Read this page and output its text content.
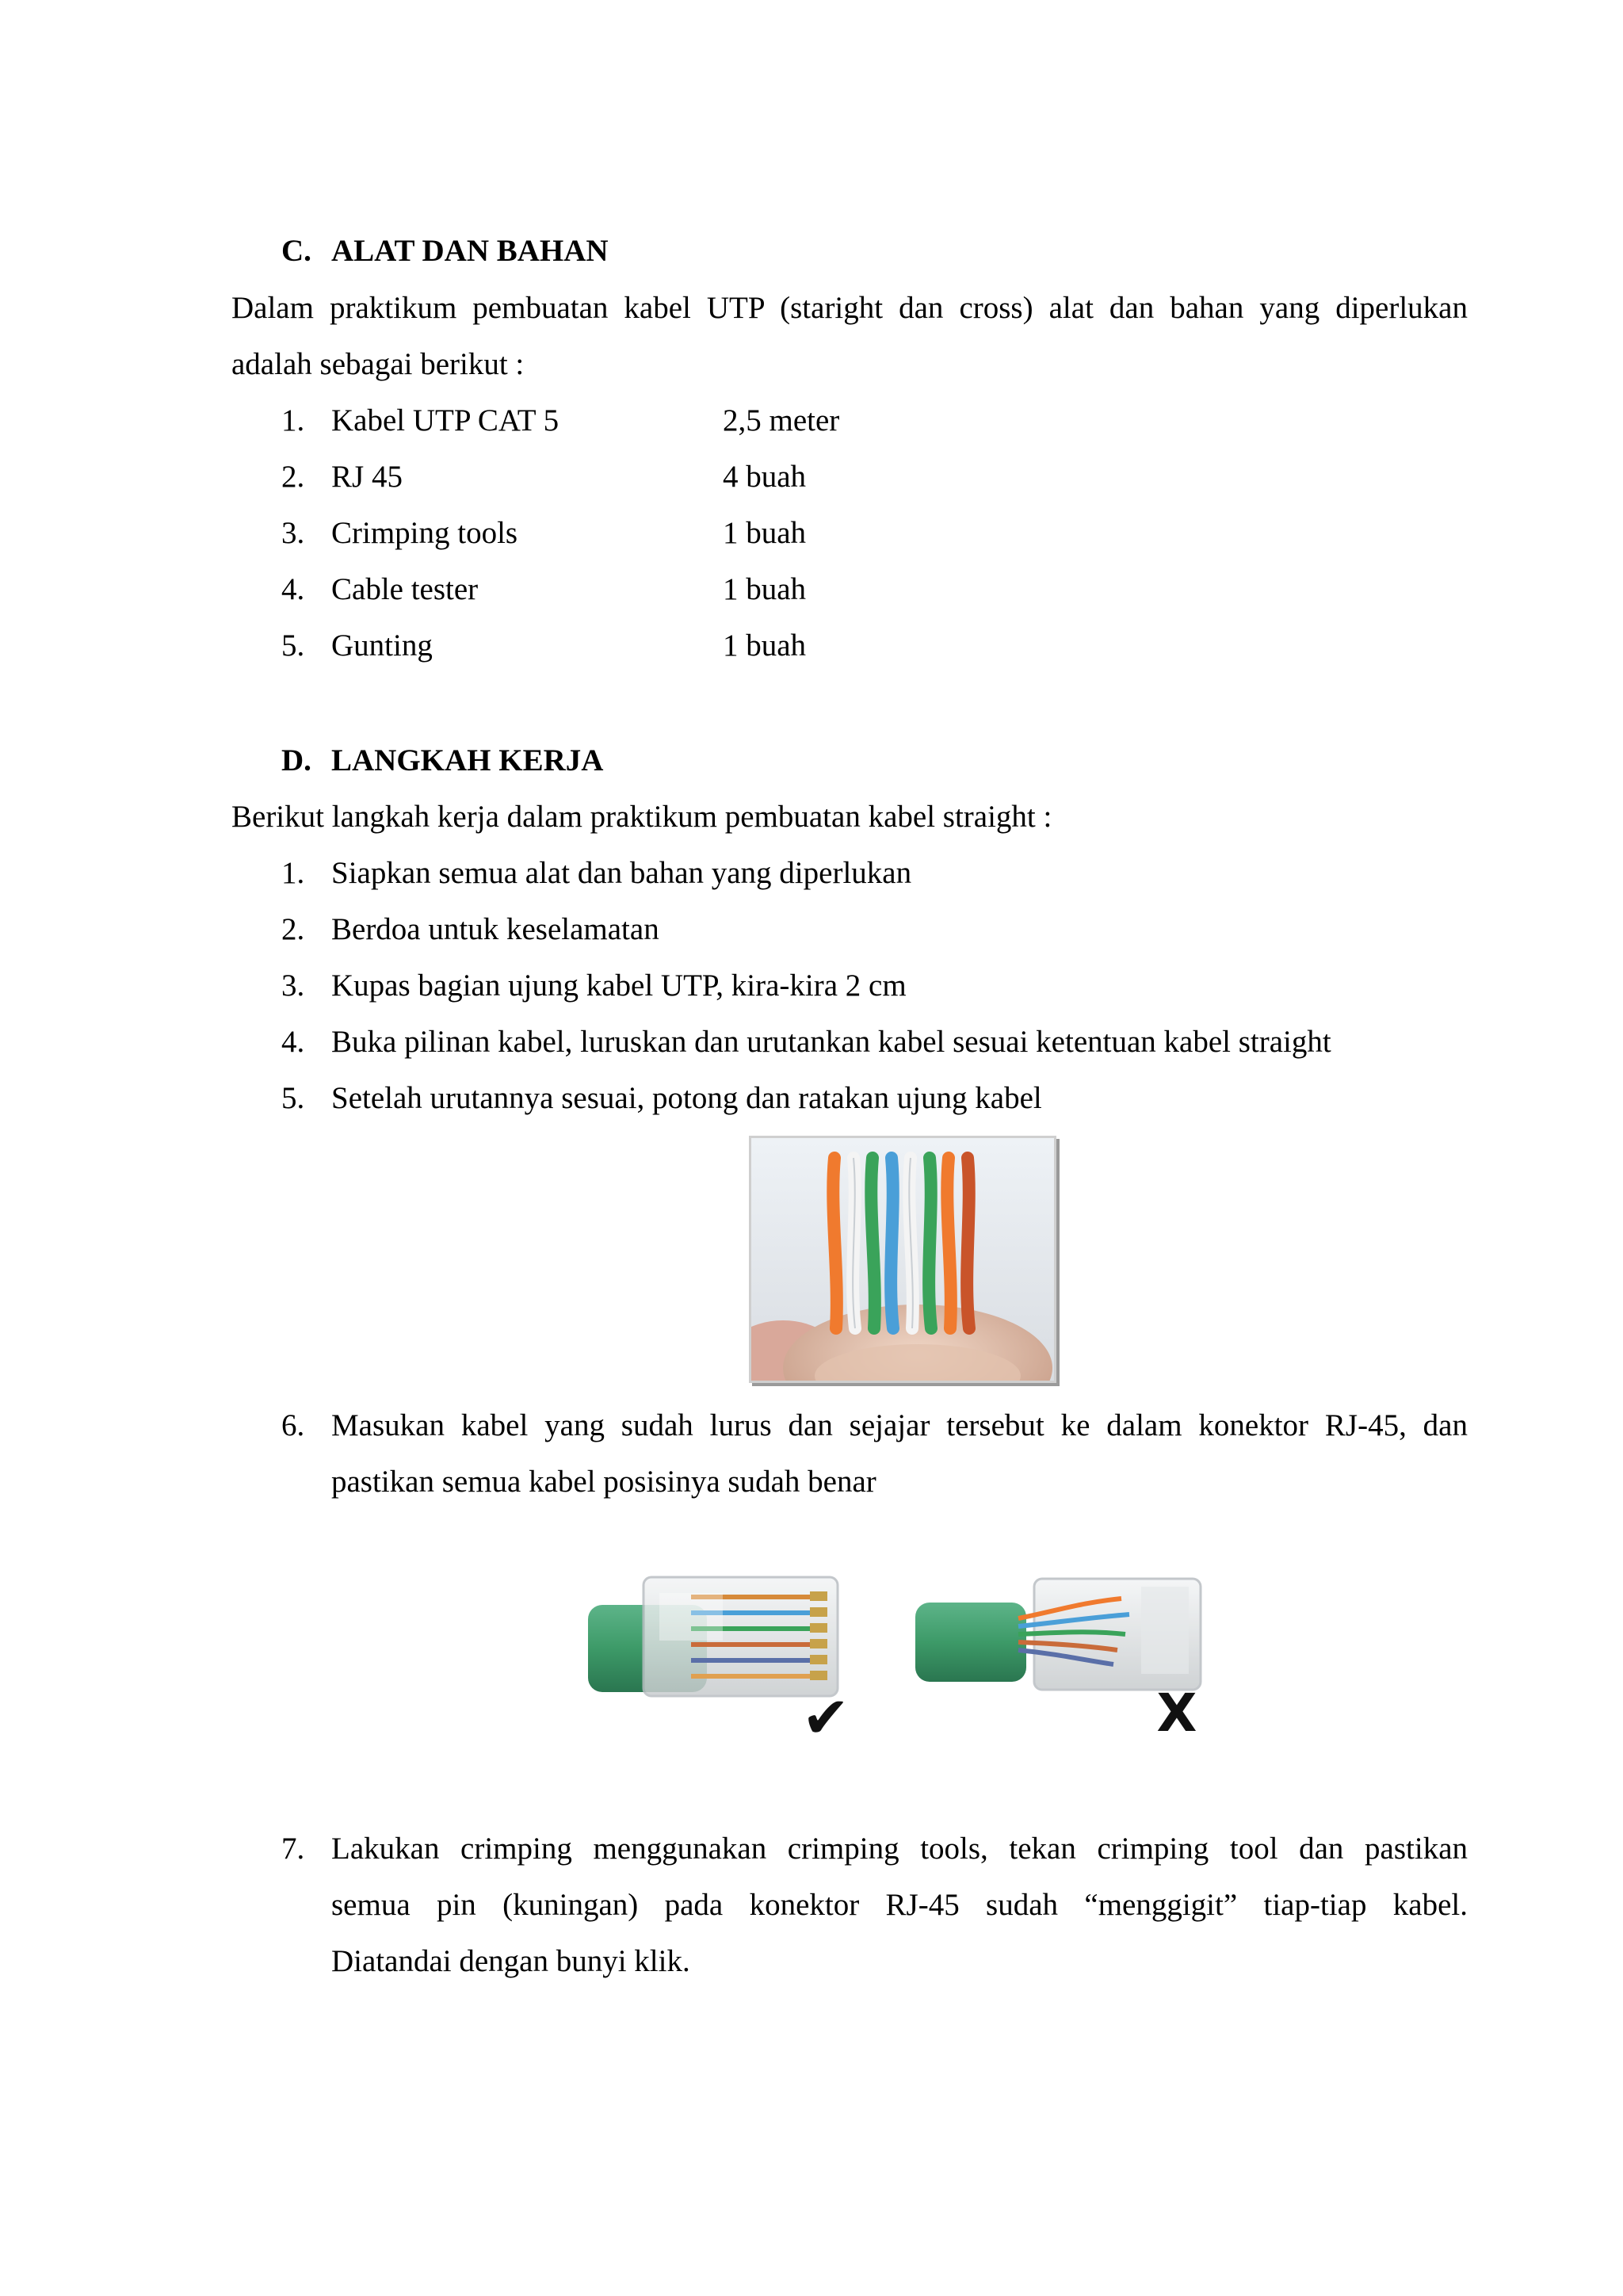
C. ALAT DAN BAHAN
Dalam praktikum pembuatan kabel UTP (staright dan cross) alat dan bahan yang diperlukan
adalah sebagai berikut :
1. Kabel UTP CAT 5	2,5 meter
2. RJ 45	4 buah
3. Crimping tools	1 buah
4. Cable tester	1 buah
5. Gunting	1 buah
D. LANGKAH KERJA
Berikut langkah kerja dalam praktikum pembuatan kabel straight :
1. Siapkan semua alat dan bahan yang diperlukan
2. Berdoa untuk keselamatan
3. Kupas bagian ujung kabel UTP, kira-kira 2 cm
4. Buka pilinan kabel, luruskan dan urutankan kabel sesuai ketentuan kabel straight
5. Setelah urutannya sesuai, potong dan ratakan ujung kabel
6. Masukan kabel yang sudah lurus dan sejajar tersebut ke dalam konektor RJ-45, dan
pastikan semua kabel posisinya sudah benar
✔	X
7. Lakukan crimping menggunakan crimping tools, tekan crimping tool dan pastikan
semua pin (kuningan) pada konektor RJ-45 sudah “menggigit” tiap-tiap kabel.
Diatandai dengan bunyi klik.
